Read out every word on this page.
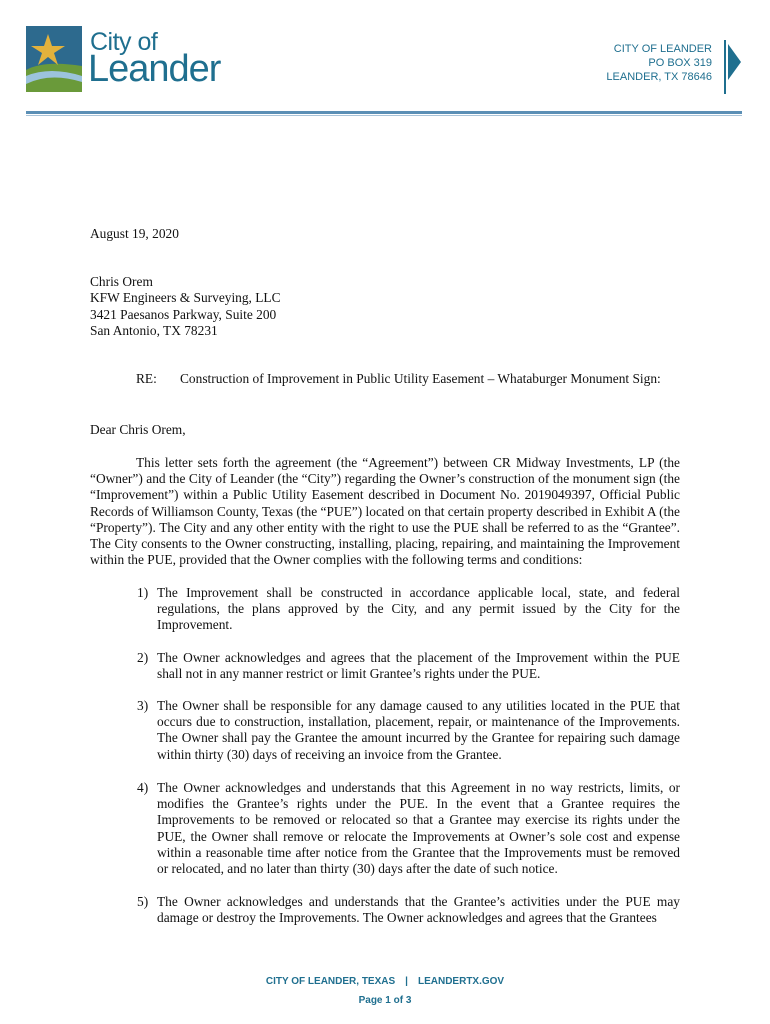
City of
Leander	CITY OF LEANDER
PO BOX 319
LEANDER, TX 78646
August 19, 2020
Chris Orem
KFW Engineers & Surveying, LLC
3421 Paesanos Parkway, Suite 200
San Antonio, TX 78231
RE: Construction of Improvement in Public Utility Easement – Whataburger Monument Sign:
Dear Chris Orem,
This letter sets forth the agreement (the “Agreement”) between CR Midway Investments, LP (the “Owner”) and the City of Leander (the “City”) regarding the Owner’s construction of the monument sign (the “Improvement”) within a Public Utility Easement described in Document No. 2019049397, Official Public Records of Williamson County, Texas (the “PUE”) located on that certain property described in Exhibit A (the “Property”). The City and any other entity with the right to use the PUE shall be referred to as the “Grantee”. The City consents to the Owner constructing, installing, placing, repairing, and maintaining the Improvement within the PUE, provided that the Owner complies with the following terms and conditions:
1) The Improvement shall be constructed in accordance applicable local, state, and federal regulations, the plans approved by the City, and any permit issued by the City for the Improvement.
2) The Owner acknowledges and agrees that the placement of the Improvement within the PUE shall not in any manner restrict or limit Grantee’s rights under the PUE.
3) The Owner shall be responsible for any damage caused to any utilities located in the PUE that occurs due to construction, installation, placement, repair, or maintenance of the Improvements. The Owner shall pay the Grantee the amount incurred by the Grantee for repairing such damage within thirty (30) days of receiving an invoice from the Grantee.
4) The Owner acknowledges and understands that this Agreement in no way restricts, limits, or modifies the Grantee’s rights under the PUE. In the event that a Grantee requires the Improvements to be removed or relocated so that a Grantee may exercise its rights under the PUE, the Owner shall remove or relocate the Improvements at Owner’s sole cost and expense within a reasonable time after notice from the Grantee that the Improvements must be removed or relocated, and no later than thirty (30) days after the date of such notice.
5) The Owner acknowledges and understands that the Grantee’s activities under the PUE may damage or destroy the Improvements. The Owner acknowledges and agrees that the Grantees
CITY OF LEANDER, TEXAS | LEANDERTX.GOV
Page 1 of 3
